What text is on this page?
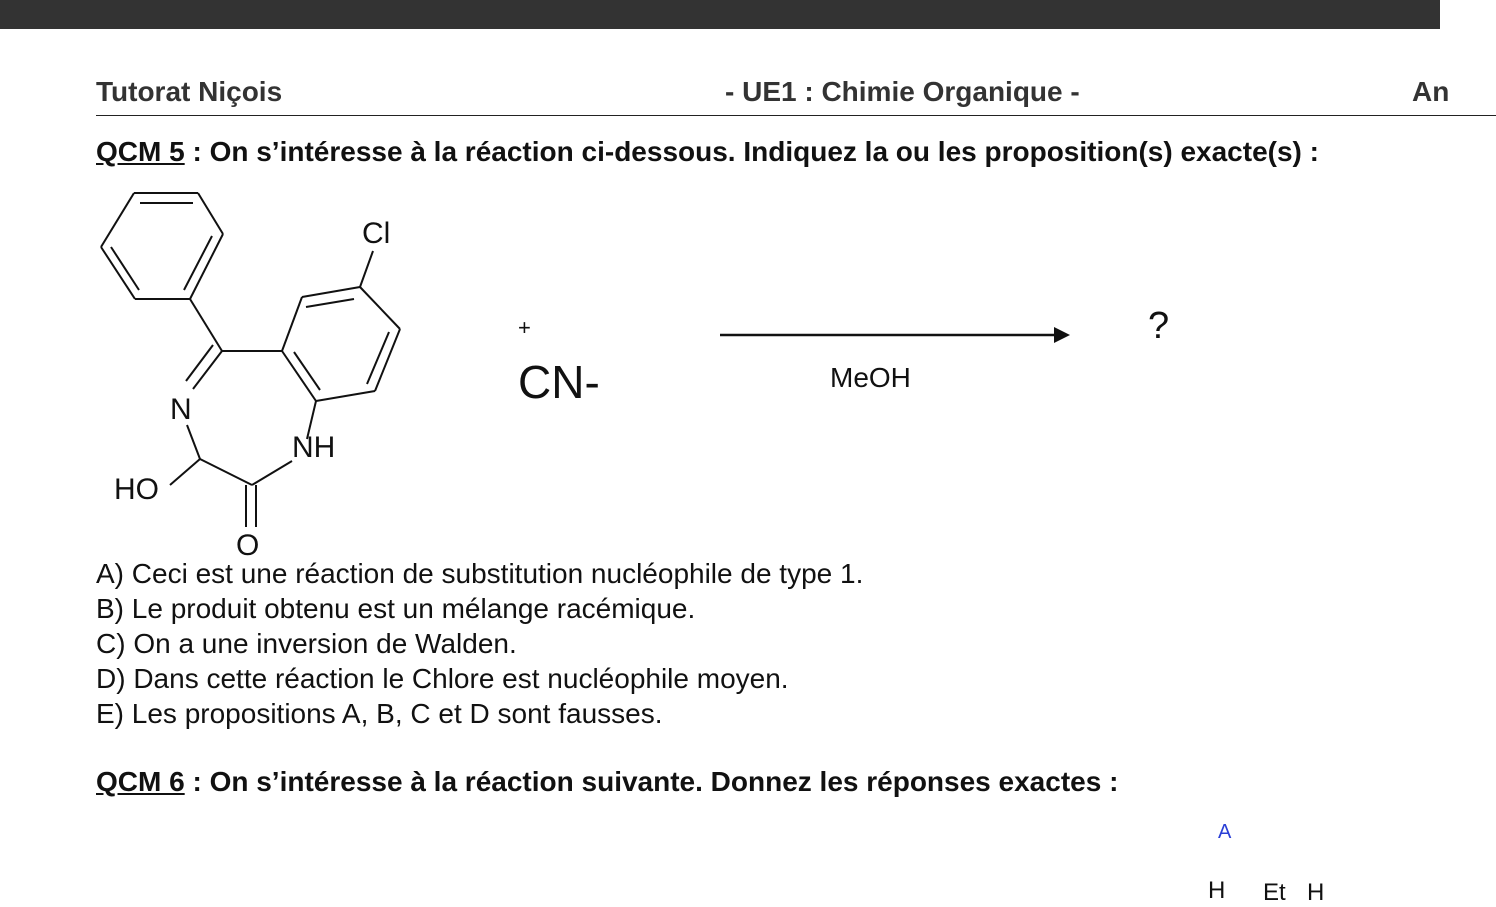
Tutorat Niçois	- UE1 : Chimie Organique -	An
QCM 5 : On s’intéresse à la réaction ci-dessous. Indiquez la ou les proposition(s) exacte(s) :
Cl
N
NH
HO
O
+
CN-	MeOH
?
A) Ceci est une réaction de substitution nucléophile de type 1.
B) Le produit obtenu est un mélange racémique.
C) On a une inversion de Walden.
D) Dans cette réaction le Chlore est nucléophile moyen.
E) Les propositions A, B, C et D sont fausses.
QCM 6 : On s’intéresse à la réaction suivante. Donnez les réponses exactes :
A
H Et H
